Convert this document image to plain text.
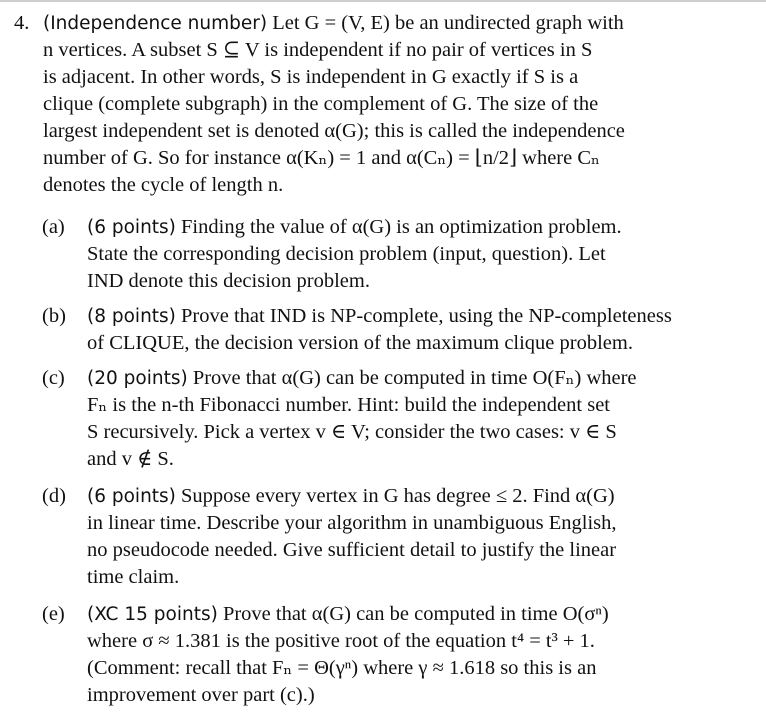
4. (Independence number) Let G = (V, E) be an undirected graph with
n vertices. A subset S ⊆ V is independent if no pair of vertices in S
is adjacent. In other words, S is independent in G exactly if S is a
clique (complete subgraph) in the complement of G. The size of the
largest independent set is denoted α(G); this is called the independence
number of G. So for instance α(Kₙ) = 1 and α(Cₙ) = ⌊n/2⌋ where Cₙ
denotes the cycle of length n.
(a) (6 points) Finding the value of α(G) is an optimization problem.
State the corresponding decision problem (input, question). Let
IND denote this decision problem.
(b) (8 points) Prove that IND is NP-complete, using the NP-completeness
of CLIQUE, the decision version of the maximum clique problem.
(c) (20 points) Prove that α(G) can be computed in time O(Fₙ) where
Fₙ is the n-th Fibonacci number. Hint: build the independent set
S recursively. Pick a vertex v ∈ V; consider the two cases: v ∈ S
and v ∉ S.
(d) (6 points) Suppose every vertex in G has degree ≤ 2. Find α(G)
in linear time. Describe your algorithm in unambiguous English,
no pseudocode needed. Give sufficient detail to justify the linear
time claim.
(e) (XC 15 points) Prove that α(G) can be computed in time O(σⁿ)
where σ ≈ 1.381 is the positive root of the equation t⁴ = t³ + 1.
(Comment: recall that Fₙ = Θ(γⁿ) where γ ≈ 1.618 so this is an
improvement over part (c).)
